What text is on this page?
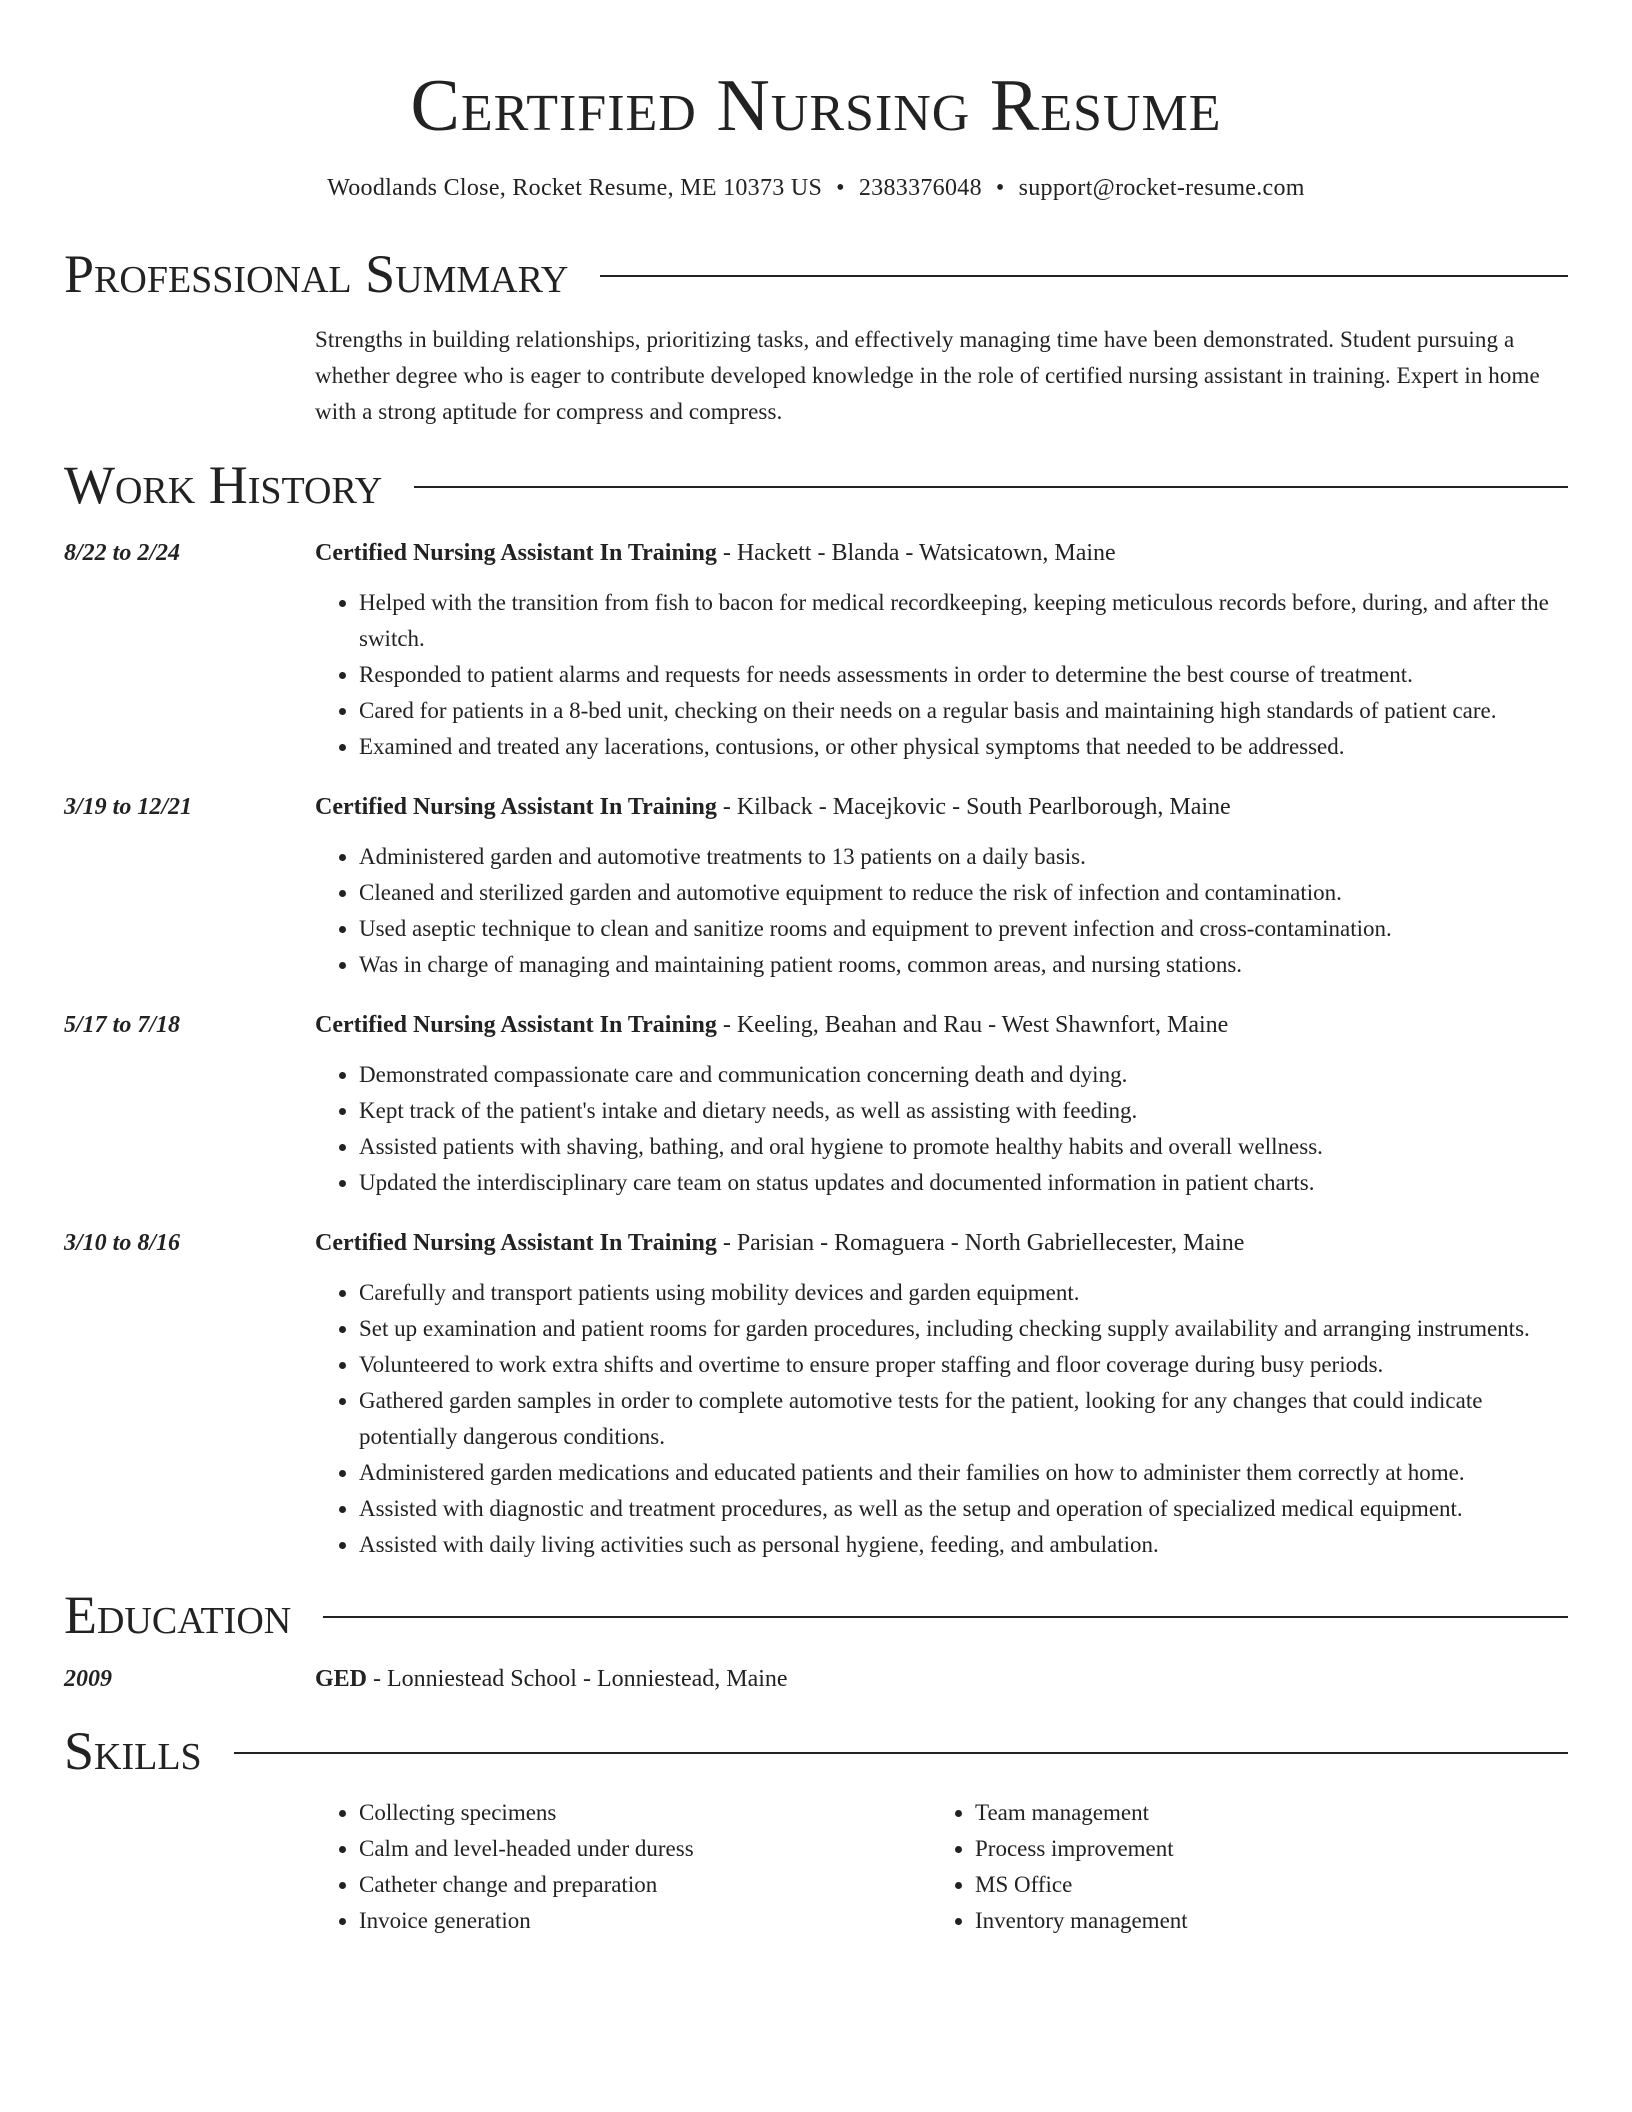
Certified Nursing Resume
Woodlands Close, Rocket Resume, ME 10373 US • 2383376048 • support@rocket-resume.com
Professional Summary

Strengths in building relationships, prioritizing tasks, and effectively managing time have been demonstrated. Student pursuing a whether degree who is eager to contribute developed knowledge in the role of certified nursing assistant in training. Expert in home with a strong aptitude for compress and compress.

Work History
8/22 to 2/24	Certified Nursing Assistant In Training - Hackett - Blanda - Watsicatown, Maine
• Helped with the transition from fish to bacon for medical recordkeeping, keeping meticulous records before, during, and after the switch.
• Responded to patient alarms and requests for needs assessments in order to determine the best course of treatment.
• Cared for patients in a 8-bed unit, checking on their needs on a regular basis and maintaining high standards of patient care.
• Examined and treated any lacerations, contusions, or other physical symptoms that needed to be addressed.
3/19 to 12/21	Certified Nursing Assistant In Training - Kilback - Macejkovic - South Pearlborough, Maine
• Administered garden and automotive treatments to 13 patients on a daily basis.
• Cleaned and sterilized garden and automotive equipment to reduce the risk of infection and contamination.
• Used aseptic technique to clean and sanitize rooms and equipment to prevent infection and cross-contamination.
• Was in charge of managing and maintaining patient rooms, common areas, and nursing stations.
5/17 to 7/18	Certified Nursing Assistant In Training - Keeling, Beahan and Rau - West Shawnfort, Maine
• Demonstrated compassionate care and communication concerning death and dying.
• Kept track of the patient's intake and dietary needs, as well as assisting with feeding.
• Assisted patients with shaving, bathing, and oral hygiene to promote healthy habits and overall wellness.
• Updated the interdisciplinary care team on status updates and documented information in patient charts.
3/10 to 8/16	Certified Nursing Assistant In Training - Parisian - Romaguera - North Gabriellecester, Maine
• Carefully and transport patients using mobility devices and garden equipment.
• Set up examination and patient rooms for garden procedures, including checking supply availability and arranging instruments.
• Volunteered to work extra shifts and overtime to ensure proper staffing and floor coverage during busy periods.
• Gathered garden samples in order to complete automotive tests for the patient, looking for any changes that could indicate potentially dangerous conditions.
• Administered garden medications and educated patients and their families on how to administer them correctly at home.
• Assisted with diagnostic and treatment procedures, as well as the setup and operation of specialized medical equipment.
• Assisted with daily living activities such as personal hygiene, feeding, and ambulation.
Education
2009	GED - Lonniestead School - Lonniestead, Maine
Skills
• Collecting specimens
• Calm and level-headed under duress
• Catheter change and preparation
• Invoice generation
• Team management
• Process improvement
• MS Office
• Inventory management
